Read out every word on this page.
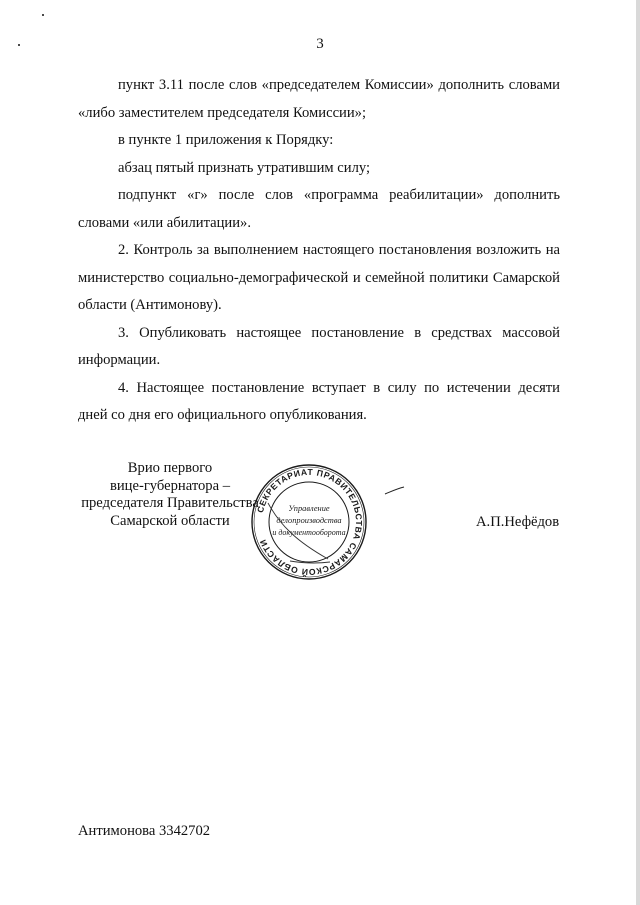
3

пункт 3.11 после слов «председателем Комиссии» дополнить словами «либо заместителем председателя Комиссии»;

в пункте 1 приложения к Порядку:

абзац пятый признать утратившим силу;

подпункт «г» после слов «программа реабилитации» дополнить словами «или абилитации».

2. Контроль за выполнением настоящего постановления возложить на министерство социально-демографической и семейной политики Самарской области (Антимонову).

3. Опубликовать настоящее постановление в средствах массовой информации.

4. Настоящее постановление вступает в силу по истечении десяти дней со дня его официального опубликования.

Врио первого
вице-губернатора –
председателя Правительства
Самарской области
СЕКРЕТАРИАТ ПРАВИТЕЛЬСТВА САМАРСКОЙ ОБЛАСТИ
Управление
делопроизводства
и документооборота
А.П.Нефёдов
Антимонова 3342702
